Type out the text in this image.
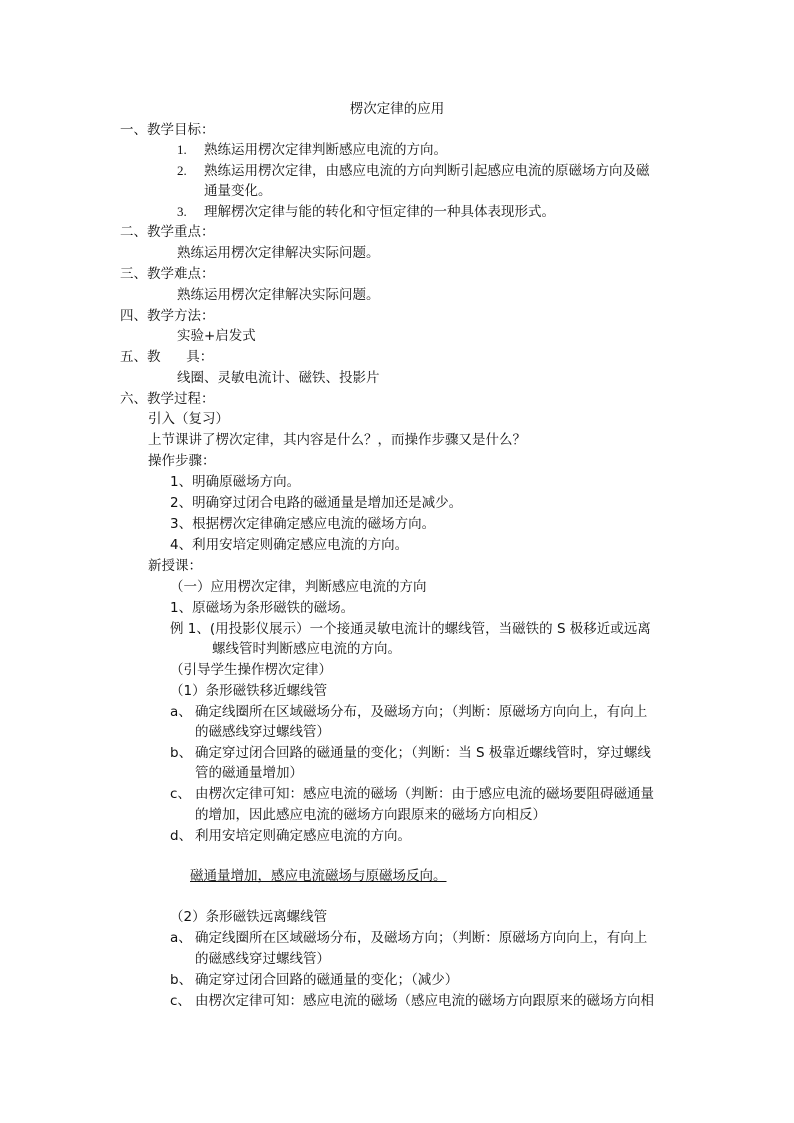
楞次定律的应用
一、教学目标：
1. 熟练运用楞次定律判断感应电流的方向。
2. 熟练运用楞次定律，由感应电流的方向判断引起感应电流的原磁场方向及磁
通量变化。
3. 理解楞次定律与能的转化和守恒定律的一种具体表现形式。
二、教学重点：
熟练运用楞次定律解决实际问题。
三、教学难点：
熟练运用楞次定律解决实际问题。
四、教学方法：
实验+启发式
五、教      具：
线圈、灵敏电流计、磁铁、投影片
六、教学过程：
引入（复习）
上节课讲了楞次定律，其内容是什么？，而操作步骤又是什么？
操作步骤：
1、明确原磁场方向。
2、明确穿过闭合电路的磁通量是增加还是减少。
3、根据楞次定律确定感应电流的磁场方向。
4、利用安培定则确定感应电流的方向。
新授课：
（一）应用楞次定律，判断感应电流的方向
1、原磁场为条形磁铁的磁场。
例 1、(用投影仪展示）一个接通灵敏电流计的螺线管，当磁铁的 S 极移近或远离
螺线管时判断感应电流的方向。
（引导学生操作楞次定律）
（1）条形磁铁移近螺线管
a、 确定线圈所在区域磁场分布，及磁场方向；（判断：原磁场方向向上，有向上
的磁感线穿过螺线管）
b、 确定穿过闭合回路的磁通量的变化；（判断：当 S 极靠近螺线管时，穿过螺线
管的磁通量增加）
c、 由楞次定律可知：感应电流的磁场（判断：由于感应电流的磁场要阻碍磁通量
的增加，因此感应电流的磁场方向跟原来的磁场方向相反）
d、 利用安培定则确定感应电流的方向。
磁通量增加，感应电流磁场与原磁场反向。
（2）条形磁铁远离螺线管
a、 确定线圈所在区域磁场分布，及磁场方向；（判断：原磁场方向向上，有向上
的磁感线穿过螺线管）
b、 确定穿过闭合回路的磁通量的变化；（减少）
c、 由楞次定律可知：感应电流的磁场（感应电流的磁场方向跟原来的磁场方向相
